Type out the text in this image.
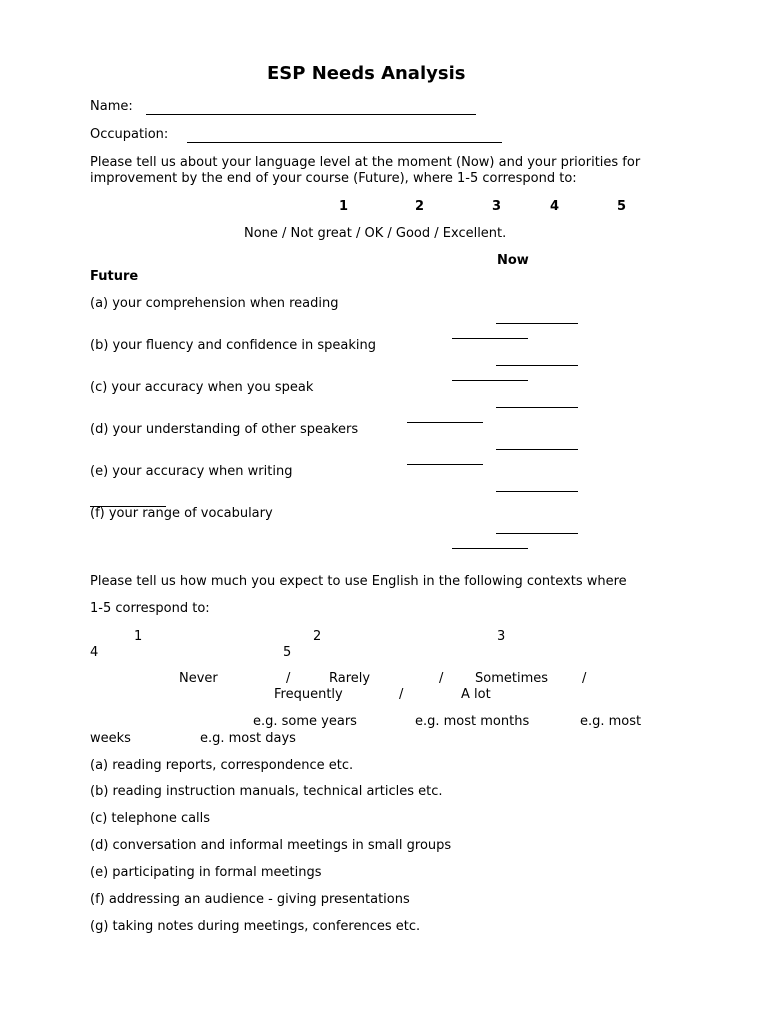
ESP Needs Analysis
Name:
Occupation:
Please tell us about your language level at the moment (Now) and your priorities for
improvement by the end of your course (Future), where 1-5 correspond to:
1	2	3	4	5
None / Not great / OK / Good / Excellent.
Now
Future
(a) your comprehension when reading
(b) your fluency and confidence in speaking
(c) your accuracy when you speak
(d) your understanding of other speakers
(e) your accuracy when writing
(f) your range of vocabulary
Please tell us how much you expect to use English in the following contexts where
1-5 correspond to:
1	2	3
4	5
Never	/	Rarely	/ Sometimes	/
Frequently	/	A lot
e.g. some years	e.g. most months	e.g. most
weeks	e.g. most days
(a) reading reports, correspondence etc.
(b) reading instruction manuals, technical articles etc.
(c) telephone calls
(d) conversation and informal meetings in small groups
(e) participating in formal meetings
(f) addressing an audience - giving presentations
(g) taking notes during meetings, conferences etc.
